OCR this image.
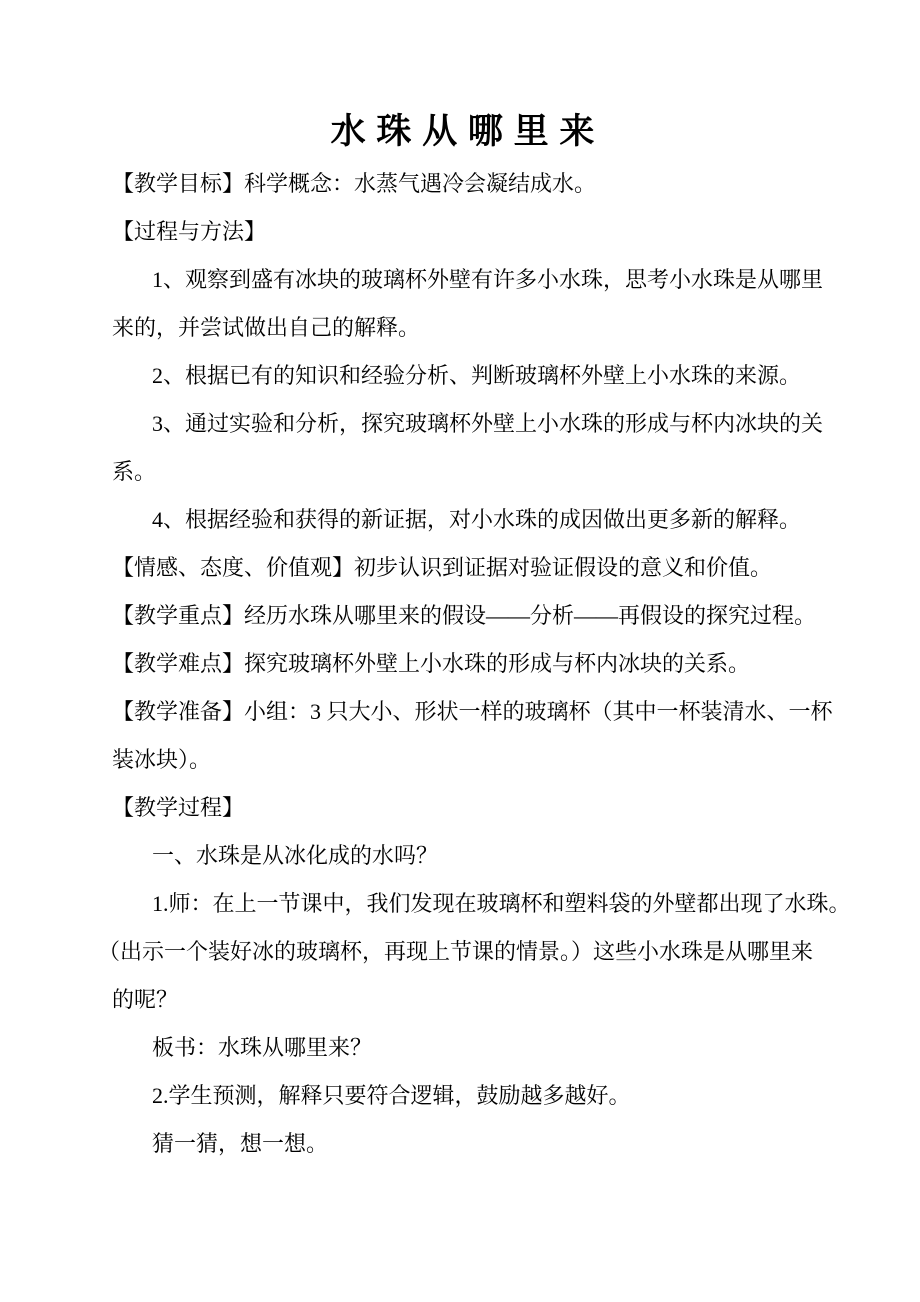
水 珠 从 哪 里 来
【教学目标】科学概念：水蒸气遇冷会凝结成水。
【过程与方法】
1、观察到盛有冰块的玻璃杯外壁有许多小水珠，思考小水珠是从哪里
来的，并尝试做出自己的解释。
2、根据已有的知识和经验分析、判断玻璃杯外壁上小水珠的来源。
3、通过实验和分析，探究玻璃杯外壁上小水珠的形成与杯内冰块的关
系。
4、根据经验和获得的新证据，对小水珠的成因做出更多新的解释。
【情感、态度、价值观】初步认识到证据对验证假设的意义和价值。
【教学重点】经历水珠从哪里来的假设——分析——再假设的探究过程。
【教学难点】探究玻璃杯外壁上小水珠的形成与杯内冰块的关系。
【教学准备】小组：3 只大小、形状一样的玻璃杯（其中一杯装清水、一杯
装冰块）。
【教学过程】
一、水珠是从冰化成的水吗？
1.师：在上一节课中，我们发现在玻璃杯和塑料袋的外壁都出现了水珠。
（出示一个装好冰的玻璃杯，再现上节课的情景。）这些小水珠是从哪里来
的呢？
板书：水珠从哪里来？
2.学生预测，解释只要符合逻辑，鼓励越多越好。
猜一猜，想一想。
